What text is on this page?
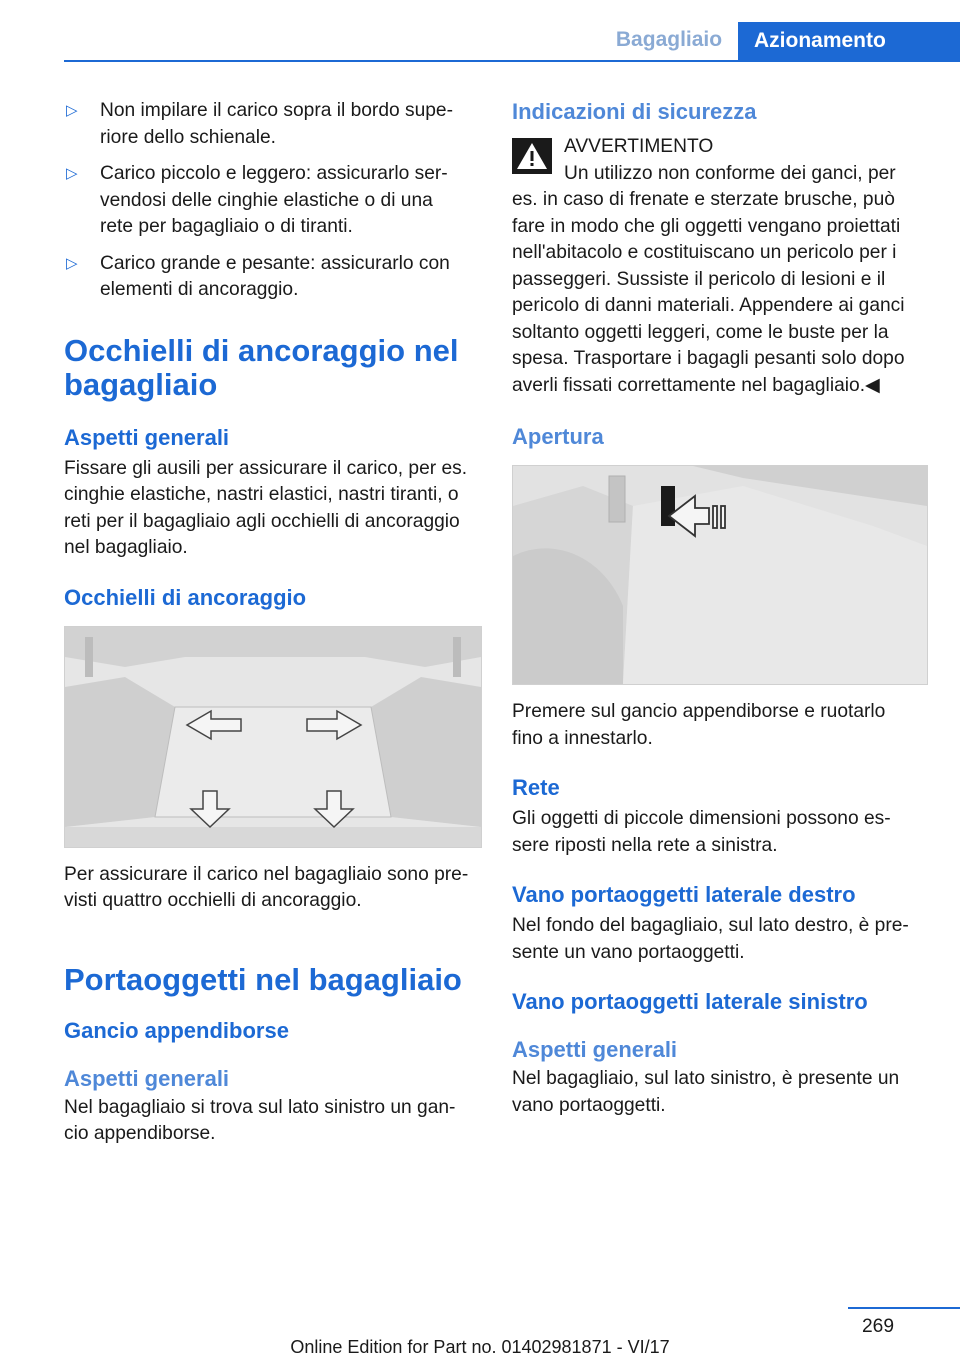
Bagagliaio	Azionamento
▷ Non impilare il carico sopra il bordo supe‐
riore dello schienale.
▷ Carico piccolo e leggero: assicurarlo ser‐
vendosi delle cinghie elastiche o di una
rete per bagagliaio o di tiranti.
▷ Carico grande e pesante: assicurarlo con
elementi di ancoraggio.
Occhielli di ancoraggio nel
bagagliaio
Aspetti generali

Fissare gli ausili per assicurare il carico, per es.
cinghie elastiche, nastri elastici, nastri tiranti, o
reti per il bagagliaio agli occhielli di ancoraggio
nel bagagliaio.

Occhielli di ancoraggio

Per assicurare il carico nel bagagliaio sono pre‐
visti quattro occhielli di ancoraggio.

Portaoggetti nel bagagliaio
Gancio appendiborse
Aspetti generali

Nel bagagliaio si trova sul lato sinistro un gan‐
cio appendiborse.

Indicazioni di sicurezza

AVVERTIMENTO

Un utilizzo non conforme dei ganci, per

es. in caso di frenate e sterzate brusche, può
fare in modo che gli oggetti vengano proiettati
nell'abitacolo e costituiscano un pericolo per i
passeggeri. Sussiste il pericolo di lesioni e il
pericolo di danni materiali. Appendere ai ganci
soltanto oggetti leggeri, come le buste per la
spesa. Trasportare i bagagli pesanti solo dopo
averli fissati correttamente nel bagagliaio.◀

Apertura

Premere sul gancio appendiborse e ruotarlo
fino a innestarlo.

Rete

Gli oggetti di piccole dimensioni possono es‐
sere riposti nella rete a sinistra.

Vano portaoggetti laterale destro

Nel fondo del bagagliaio, sul lato destro, è pre‐
sente un vano portaoggetti.

Vano portaoggetti laterale sinistro
Aspetti generali

Nel bagagliaio, sul lato sinistro, è presente un
vano portaoggetti.

269
Online Edition for Part no. 01402981871 - VI/17
